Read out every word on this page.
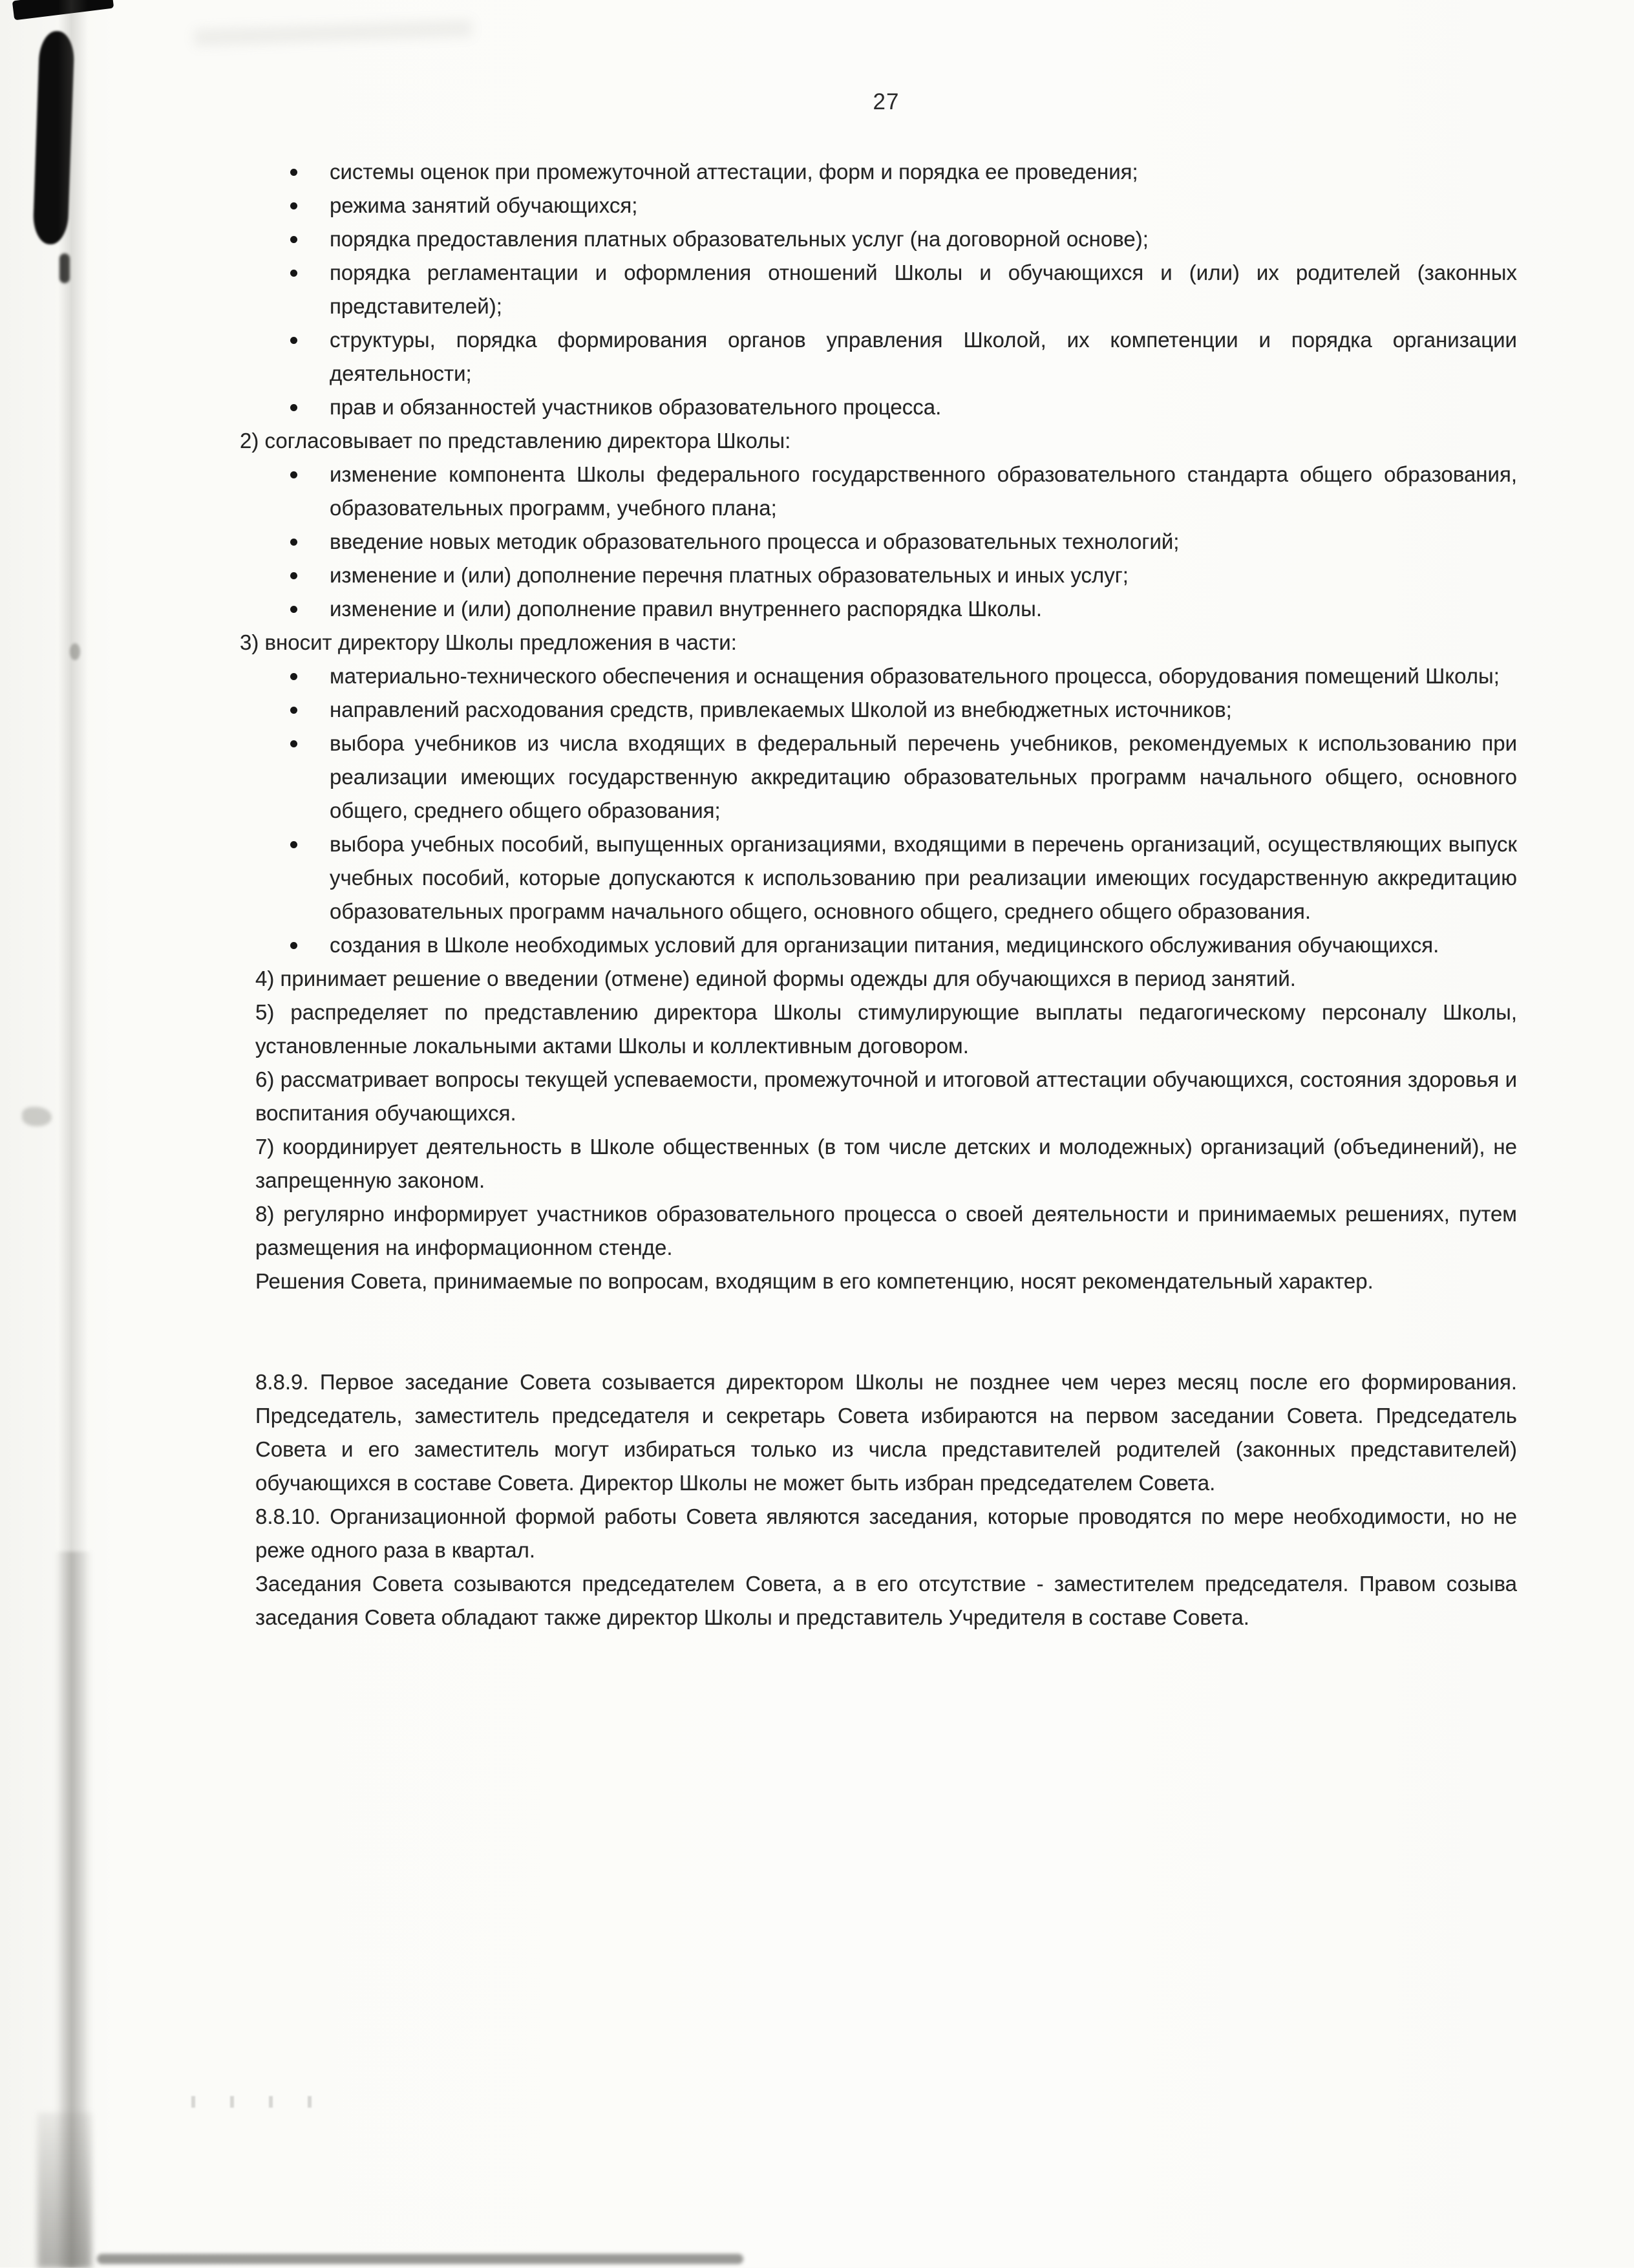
27
системы оценок при промежуточной аттестации, форм и порядка ее проведения;
режима занятий обучающихся;
порядка предоставления платных образовательных услуг (на договорной основе);
порядка регламентации и оформления отношений Школы и обучающихся и (или) их родителей (законных представителей);
структуры, порядка формирования органов управления Школой, их компетенции и порядка организации деятельности;
прав и обязанностей участников образовательного процесса.

2) согласовывает по представлению директора Школы:

изменение компонента Школы федерального государственного образовательного стандарта общего образования, образовательных программ, учебного плана;
введение новых методик образовательного процесса и образовательных технологий;
изменение и (или) дополнение перечня платных образовательных и иных услуг;
изменение и (или) дополнение правил внутреннего распорядка Школы.

3) вносит директору Школы предложения в части:

материально-технического обеспечения и оснащения образовательного процесса, оборудования помещений Школы;
направлений расходования средств, привлекаемых Школой из внебюджетных источников;
выбора учебников из числа входящих в федеральный перечень учебников, рекомендуемых к использованию при реализации имеющих государственную аккредитацию образовательных программ начального общего, основного общего, среднего общего образования;
выбора учебных пособий, выпущенных организациями, входящими в перечень организаций, осуществляющих выпуск учебных пособий, которые допускаются к использованию при реализации имеющих государственную аккредитацию образовательных программ начального общего, основного общего, среднего общего образования.
создания в Школе необходимых условий для организации питания, медицинского обслуживания обучающихся.

4) принимает решение о введении (отмене) единой формы одежды для обучающихся в период занятий.

5) распределяет по представлению директора Школы стимулирующие выплаты педагогическому персоналу Школы, установленные локальными актами Школы и коллективным договором.

6) рассматривает вопросы текущей успеваемости, промежуточной и итоговой аттестации обучающихся, состояния здоровья и воспитания обучающихся.

7) координирует деятельность в Школе общественных (в том числе детских и молодежных) организаций (объединений), не запрещенную законом.

8) регулярно информирует участников образовательного процесса о своей деятельности и принимаемых решениях, путем размещения на информационном стенде.

Решения Совета, принимаемые по вопросам, входящим в его компетенцию, носят рекомендательный характер.

8.8.9. Первое заседание Совета созывается директором Школы не позднее чем через месяц после его формирования. Председатель, заместитель председателя и секретарь Совета избираются на первом заседании Совета. Председатель Совета и его заместитель могут избираться только из числа представителей родителей (законных представителей) обучающихся в составе Совета. Директор Школы не может быть избран председателем Совета.

8.8.10. Организационной формой работы Совета являются заседания, которые проводятся по мере необходимости, но не реже одного раза в квартал.

Заседания Совета созываются председателем Совета, а в его отсутствие - заместителем председателя. Правом созыва заседания Совета обладают также директор Школы и представитель Учредителя в составе Совета.
